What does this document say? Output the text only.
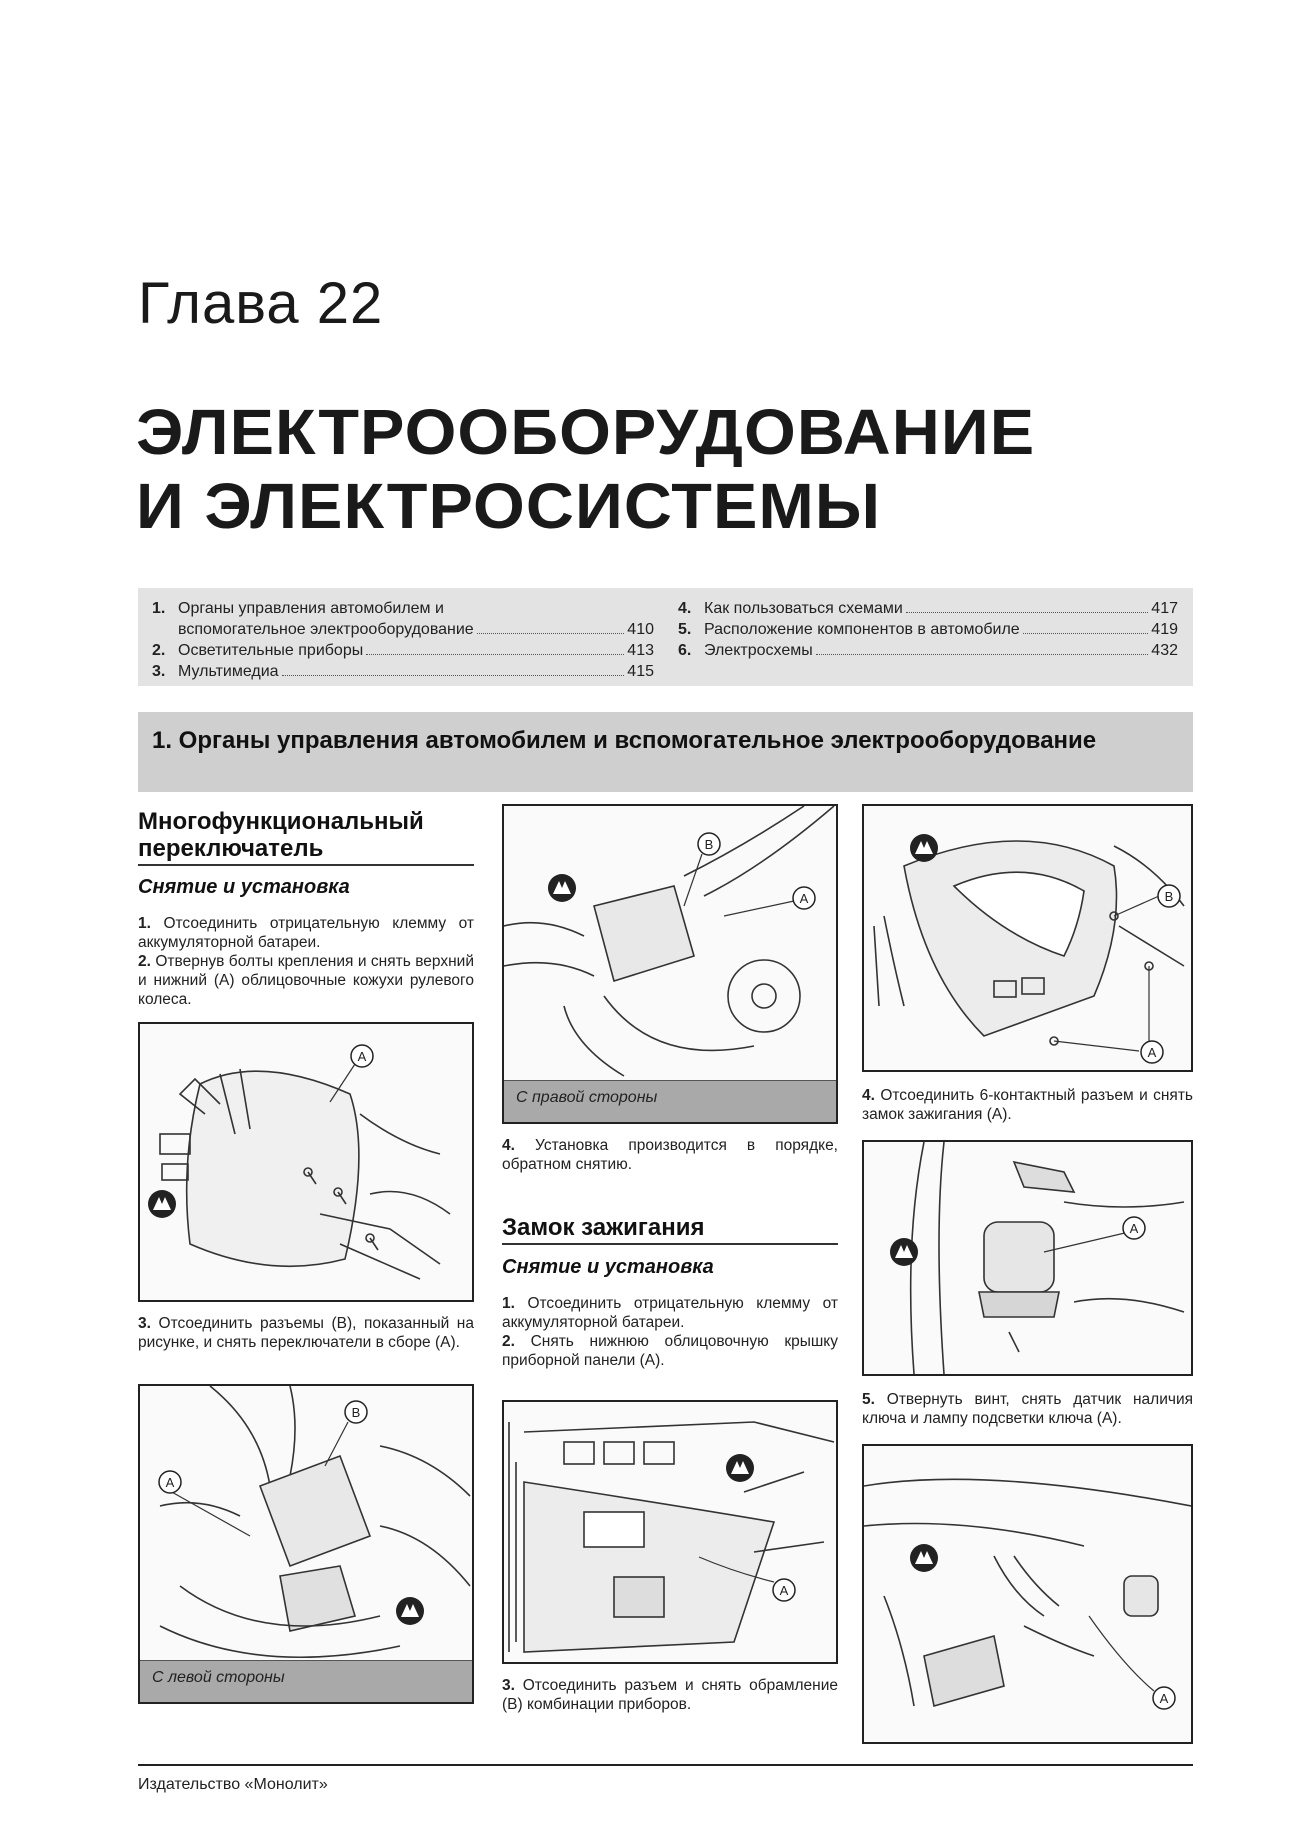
Глава 22
ЭЛЕКТРООБОРУДОВАНИЕ
И ЭЛЕКТРОСИСТЕМЫ
1. Органы управления автомобилем и
вспомогательное электрооборудование	410
2. Осветительные приборы	413
3. Мультимедиа	415
4. Как пользоваться схемами	417
5. Расположение компонентов в автомобиле	419
6. Электросхемы	432
1. Органы управления автомобилем и вспомогательное электрооборудование
Многофункциональный
переключатель
Снятие и установка
1. Отсоединить отрицательную клемму от аккумуляторной батареи.
2. Отвернув болты крепления и снять верхний и нижний (А) облицовочные кожухи рулевого колеса.
A
3. Отсоединить разъемы (В), показанный на рисунке, и снять переключатели в сборе (А).
A
B
С левой стороны
B
A
С правой стороны
4. Установка производится в порядке, обратном снятию.
Замок зажигания
Снятие и установка
1. Отсоединить отрицательную клемму от аккумуляторной батареи.
2. Снять нижнюю облицовочную крышку приборной панели (А).
A
3. Отсоединить разъем и снять обрамление (В) комбинации приборов.
B
A
4. Отсоединить 6-контактный разъем и снять замок зажигания (А).
A
5. Отвернуть винт, снять датчик наличия ключа и лампу подсветки ключа (А).
A
Издательство «Монолит»
